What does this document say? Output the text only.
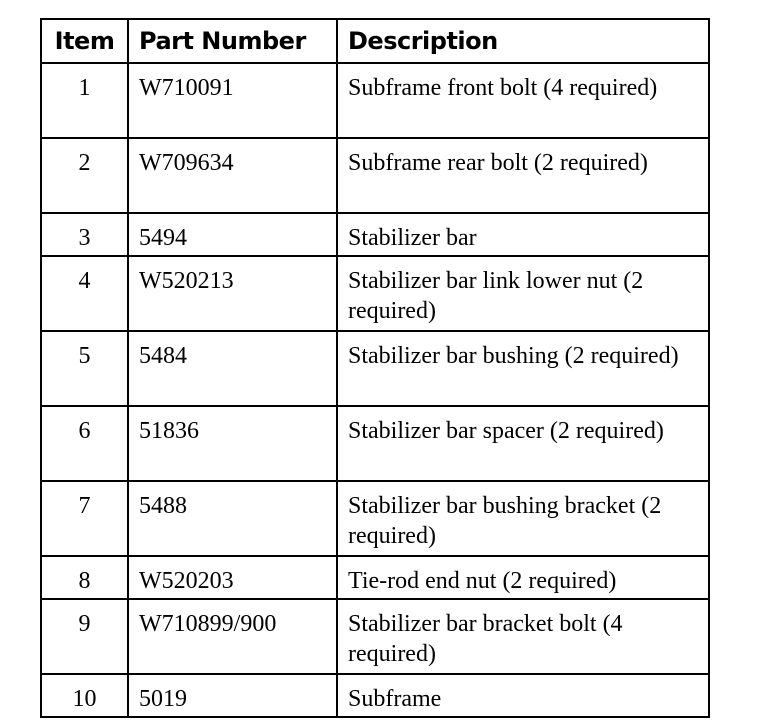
Item	Part Number	Description
1	W710091	Subframe front bolt (4 required)
2	W709634	Subframe rear bolt (2 required)
3	5494	Stabilizer bar
4	W520213	Stabilizer bar link lower nut (2 required)
5	5484	Stabilizer bar bushing (2 required)
6	51836	Stabilizer bar spacer (2 required)
7	5488	Stabilizer bar bushing bracket (2 required)
8	W520203	Tie-rod end nut (2 required)
9	W710899/900	Stabilizer bar bracket bolt (4 required)
10	5019	Subframe
